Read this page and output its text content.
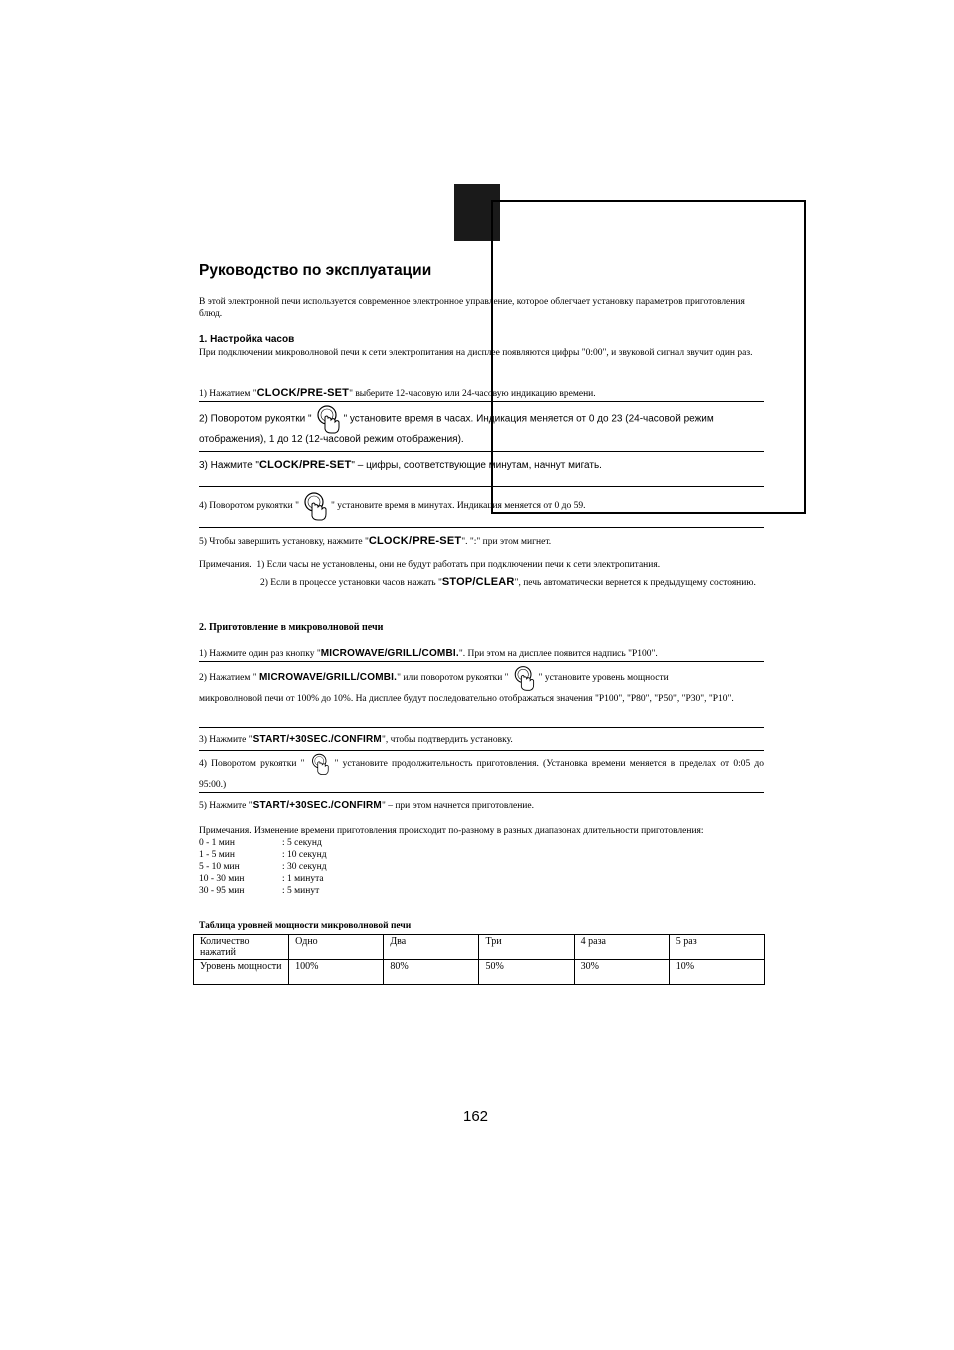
Руководство по эксплуатации
В этой электронной печи используется современное электронное управление, которое облегчает установку параметров приготовления блюд.
1. Настройка часов
При подключении микроволновой печи к сети электропитания на дисплее появляются цифры "0:00", и звуковой сигнал звучит один раз.
1) Нажатием "CLOCK/PRE-SET" выберите 12-часовую или 24-часовую индикацию времени.
2) Поворотом рукоятки "	" установите время в часах. Индикация меняется от 0 до 23 (24-часовой режим
отображения), 1 до 12 (12-часовой режим отображения).
3) Нажмите "CLOCK/PRE-SET" – цифры, соответствующие минутам, начнут мигать.
4) Поворотом рукоятки "	" установите время в минутах. Индикация меняется от 0 до 59.
5) Чтобы завершить установку, нажмите "CLOCK/PRE-SET". ":" при этом мигнет.
Примечания. 1) Если часы не установлены, они не будут работать при подключении печи к сети электропитания.
2) Если в процессе установки часов нажать "STOP/CLEAR", печь автоматически вернется к предыдущему состоянию.
2. Приготовление в микроволновой печи
1) Нажмите один раз кнопку "MICROWAVE/GRILL/COMBI.". При этом на дисплее появится надпись "P100".
2) Нажатием " MICROWAVE/GRILL/COMBI." или поворотом рукоятки "	" установите уровень мощности
микроволновой печи от 100% до 10%. На дисплее будут последовательно отображаться значения "P100", "P80", "P50", "P30", "P10".
3) Нажмите "START/+30SEC./CONFIRM", чтобы подтвердить установку.
4) Поворотом рукоятки "	" установите продолжительность приготовления. (Установка времени меняется в пределах от 0:05 до 95:00.)
5) Нажмите "START/+30SEC./CONFIRM" – при этом начнется приготовление.
Примечания. Изменение времени приготовления происходит по-разному в разных диапазонах длительности приготовления:
0 - 1 мин	: 5 секунд
1 - 5 мин	: 10 секунд
5 - 10 мин	: 30 секунд
10 - 30 мин	: 1 минута
30 - 95 мин	: 5 минут
Таблица уровней мощности микроволновой печи
Количество нажатий	Одно	Два	Три	4 раза	5 раз
Уровень мощности	100%	80%	50%	30%	10%
162
